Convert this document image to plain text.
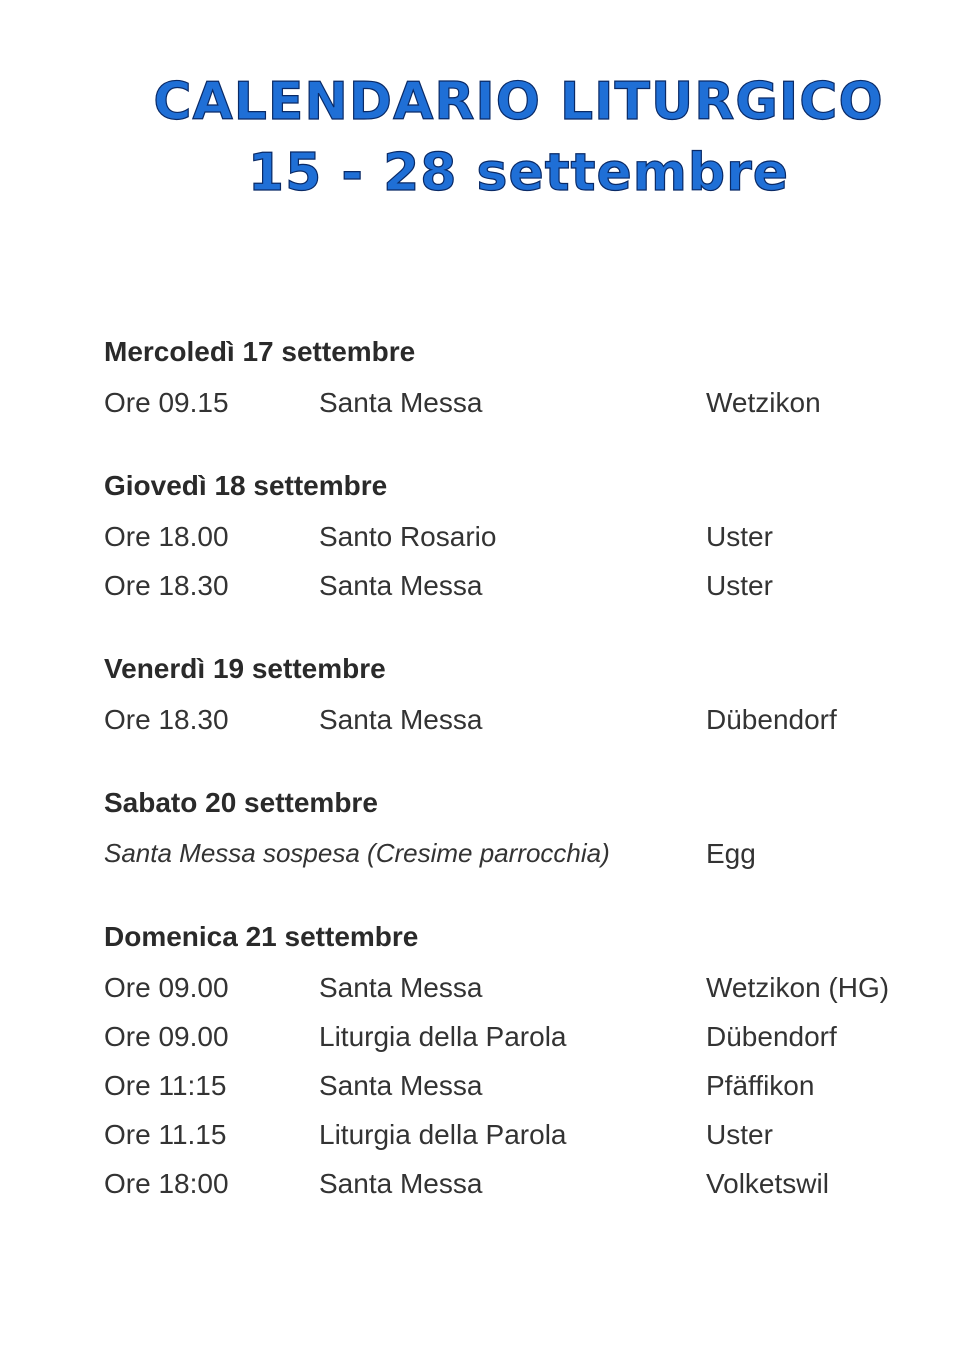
CALENDARIO LITURGICO
15 - 28 settembre
Mercoledì 17 settembre
Ore 09.15	Santa Messa	Wetzikon
Giovedì 18 settembre
Ore 18.00	Santo Rosario	Uster
Ore 18.30	Santa Messa	Uster
Venerdì 19 settembre
Ore 18.30	Santa Messa	Dübendorf
Sabato 20 settembre
Santa Messa sospesa (Cresime parrocchia)	Egg
Domenica 21 settembre
Ore 09.00	Santa Messa	Wetzikon (HG)
Ore 09.00	Liturgia della Parola	Dübendorf
Ore 11:15	Santa Messa	Pfäffikon
Ore 11.15	Liturgia della Parola	Uster
Ore 18:00	Santa Messa	Volketswil
